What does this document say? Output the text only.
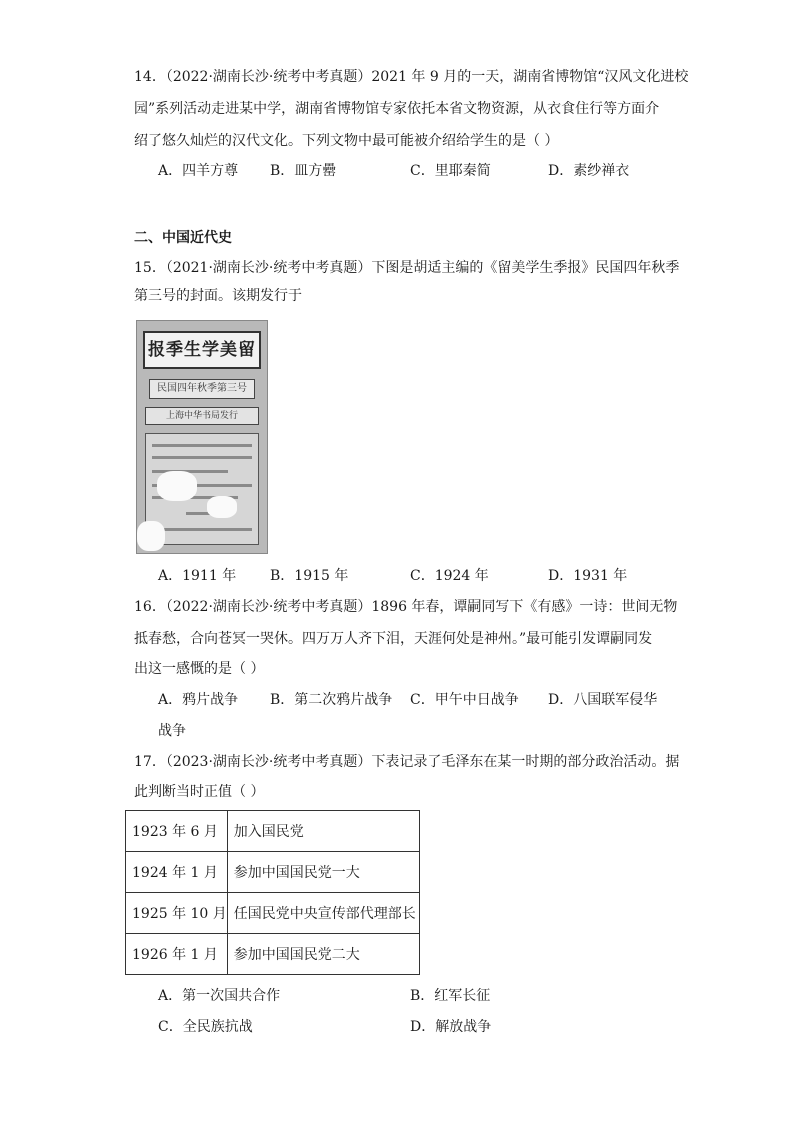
14．（2022·湖南长沙·统考中考真题）2021 年 9 月的一天，湖南省博物馆“汉风文化进校
园”系列活动走进某中学，湖南省博物馆专家依托本省文物资源，从衣食住行等方面介
绍了悠久灿烂的汉代文化。下列文物中最可能被介绍给学生的是（ ）
A．四羊方尊 B．皿方罍	C．里耶秦简	D．素纱禅衣
二、中国近代史
15．（2021·湖南长沙·统考中考真题）下图是胡适主编的《留美学生季报》民国四年秋季
第三号的封面。该期发行于
报季生学美留
民国四年秋季第三号
上海中华书局发行
A．1911 年 B．1915 年	C．1924 年	D．1931 年
16．（2022·湖南长沙·统考中考真题）1896 年春，谭嗣同写下《有感》一诗：世间无物
抵春愁，合向苍冥一哭休。四万万人齐下泪，天涯何处是神州。”最可能引发谭嗣同发
出这一感慨的是（ ）
A．鸦片战争 B．第二次鸦片战争 C．甲午中日战争 D．八国联军侵华
战争
17．（2023·湖南长沙·统考中考真题）下表记录了毛泽东在某一时期的部分政治活动。据
此判断当时正值（ ）
1923 年 6 月	加入国民党
1924 年 1 月	参加中国国民党一大
1925 年 10 月	任国民党中央宣传部代理部长
1926 年 1 月	参加中国国民党二大
A．第一次国共合作	B．红军长征
C．全民族抗战	D．解放战争
